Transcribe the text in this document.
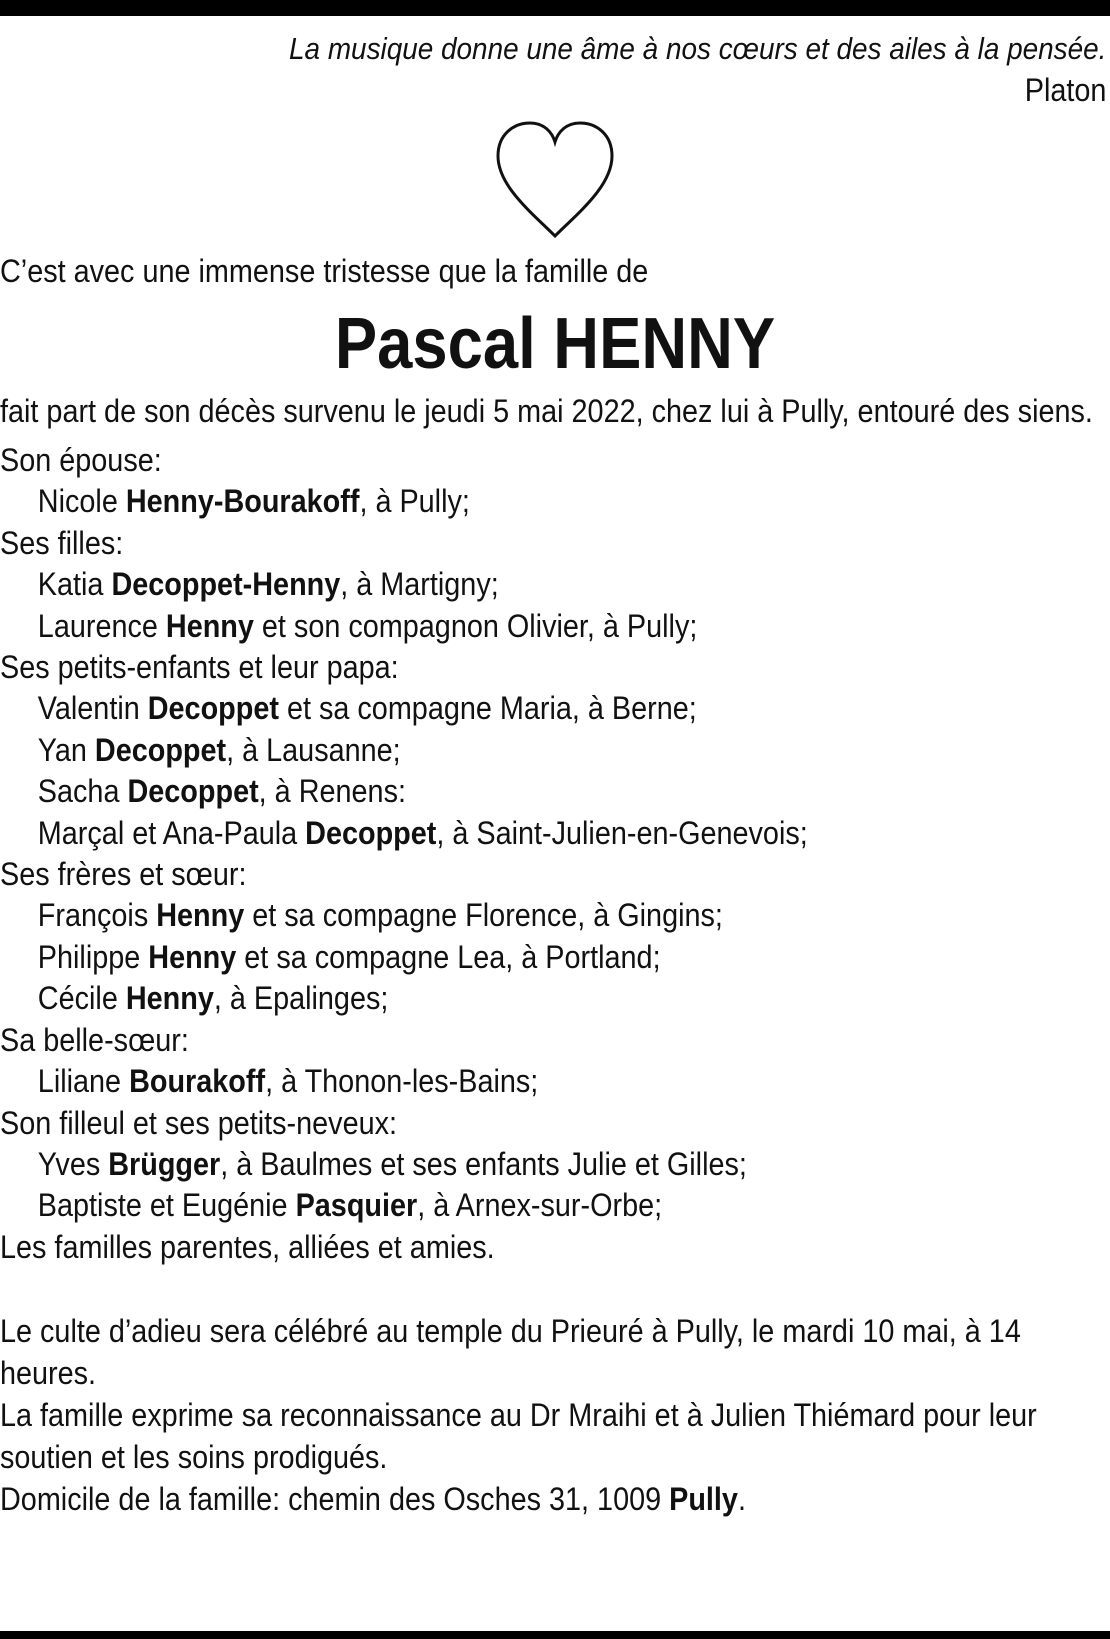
La musique donne une âme à nos cœurs et des ailes à la pensée.
Platon
C’est avec une immense tristesse que la famille de
Pascal HENNY
fait part de son décès survenu le jeudi 5 mai 2022, chez lui à Pully, entouré des siens.
Son épouse:
Nicole Henny-Bourakoff, à Pully;
Ses filles:
Katia Decoppet-Henny, à Martigny;
Laurence Henny et son compagnon Olivier, à Pully;
Ses petits-enfants et leur papa:
Valentin Decoppet et sa compagne Maria, à Berne;
Yan Decoppet, à Lausanne;
Sacha Decoppet, à Renens:
Marçal et Ana-Paula Decoppet, à Saint-Julien-en-Genevois;
Ses frères et sœur:
François Henny et sa compagne Florence, à Gingins;
Philippe Henny et sa compagne Lea, à Portland;
Cécile Henny, à Epalinges;
Sa belle-sœur:
Liliane Bourakoff, à Thonon-les-Bains;
Son filleul et ses petits-neveux:
Yves Brügger, à Baulmes et ses enfants Julie et Gilles;
Baptiste et Eugénie Pasquier, à Arnex-sur-Orbe;
Les familles parentes, alliées et amies.
Le culte d’adieu sera célébré au temple du Prieuré à Pully, le mardi 10 mai, à 14 heures.
La famille exprime sa reconnaissance au Dr Mraihi et à Julien Thiémard pour leur soutien et les soins prodigués.
Domicile de la famille: chemin des Osches 31, 1009 Pully.
